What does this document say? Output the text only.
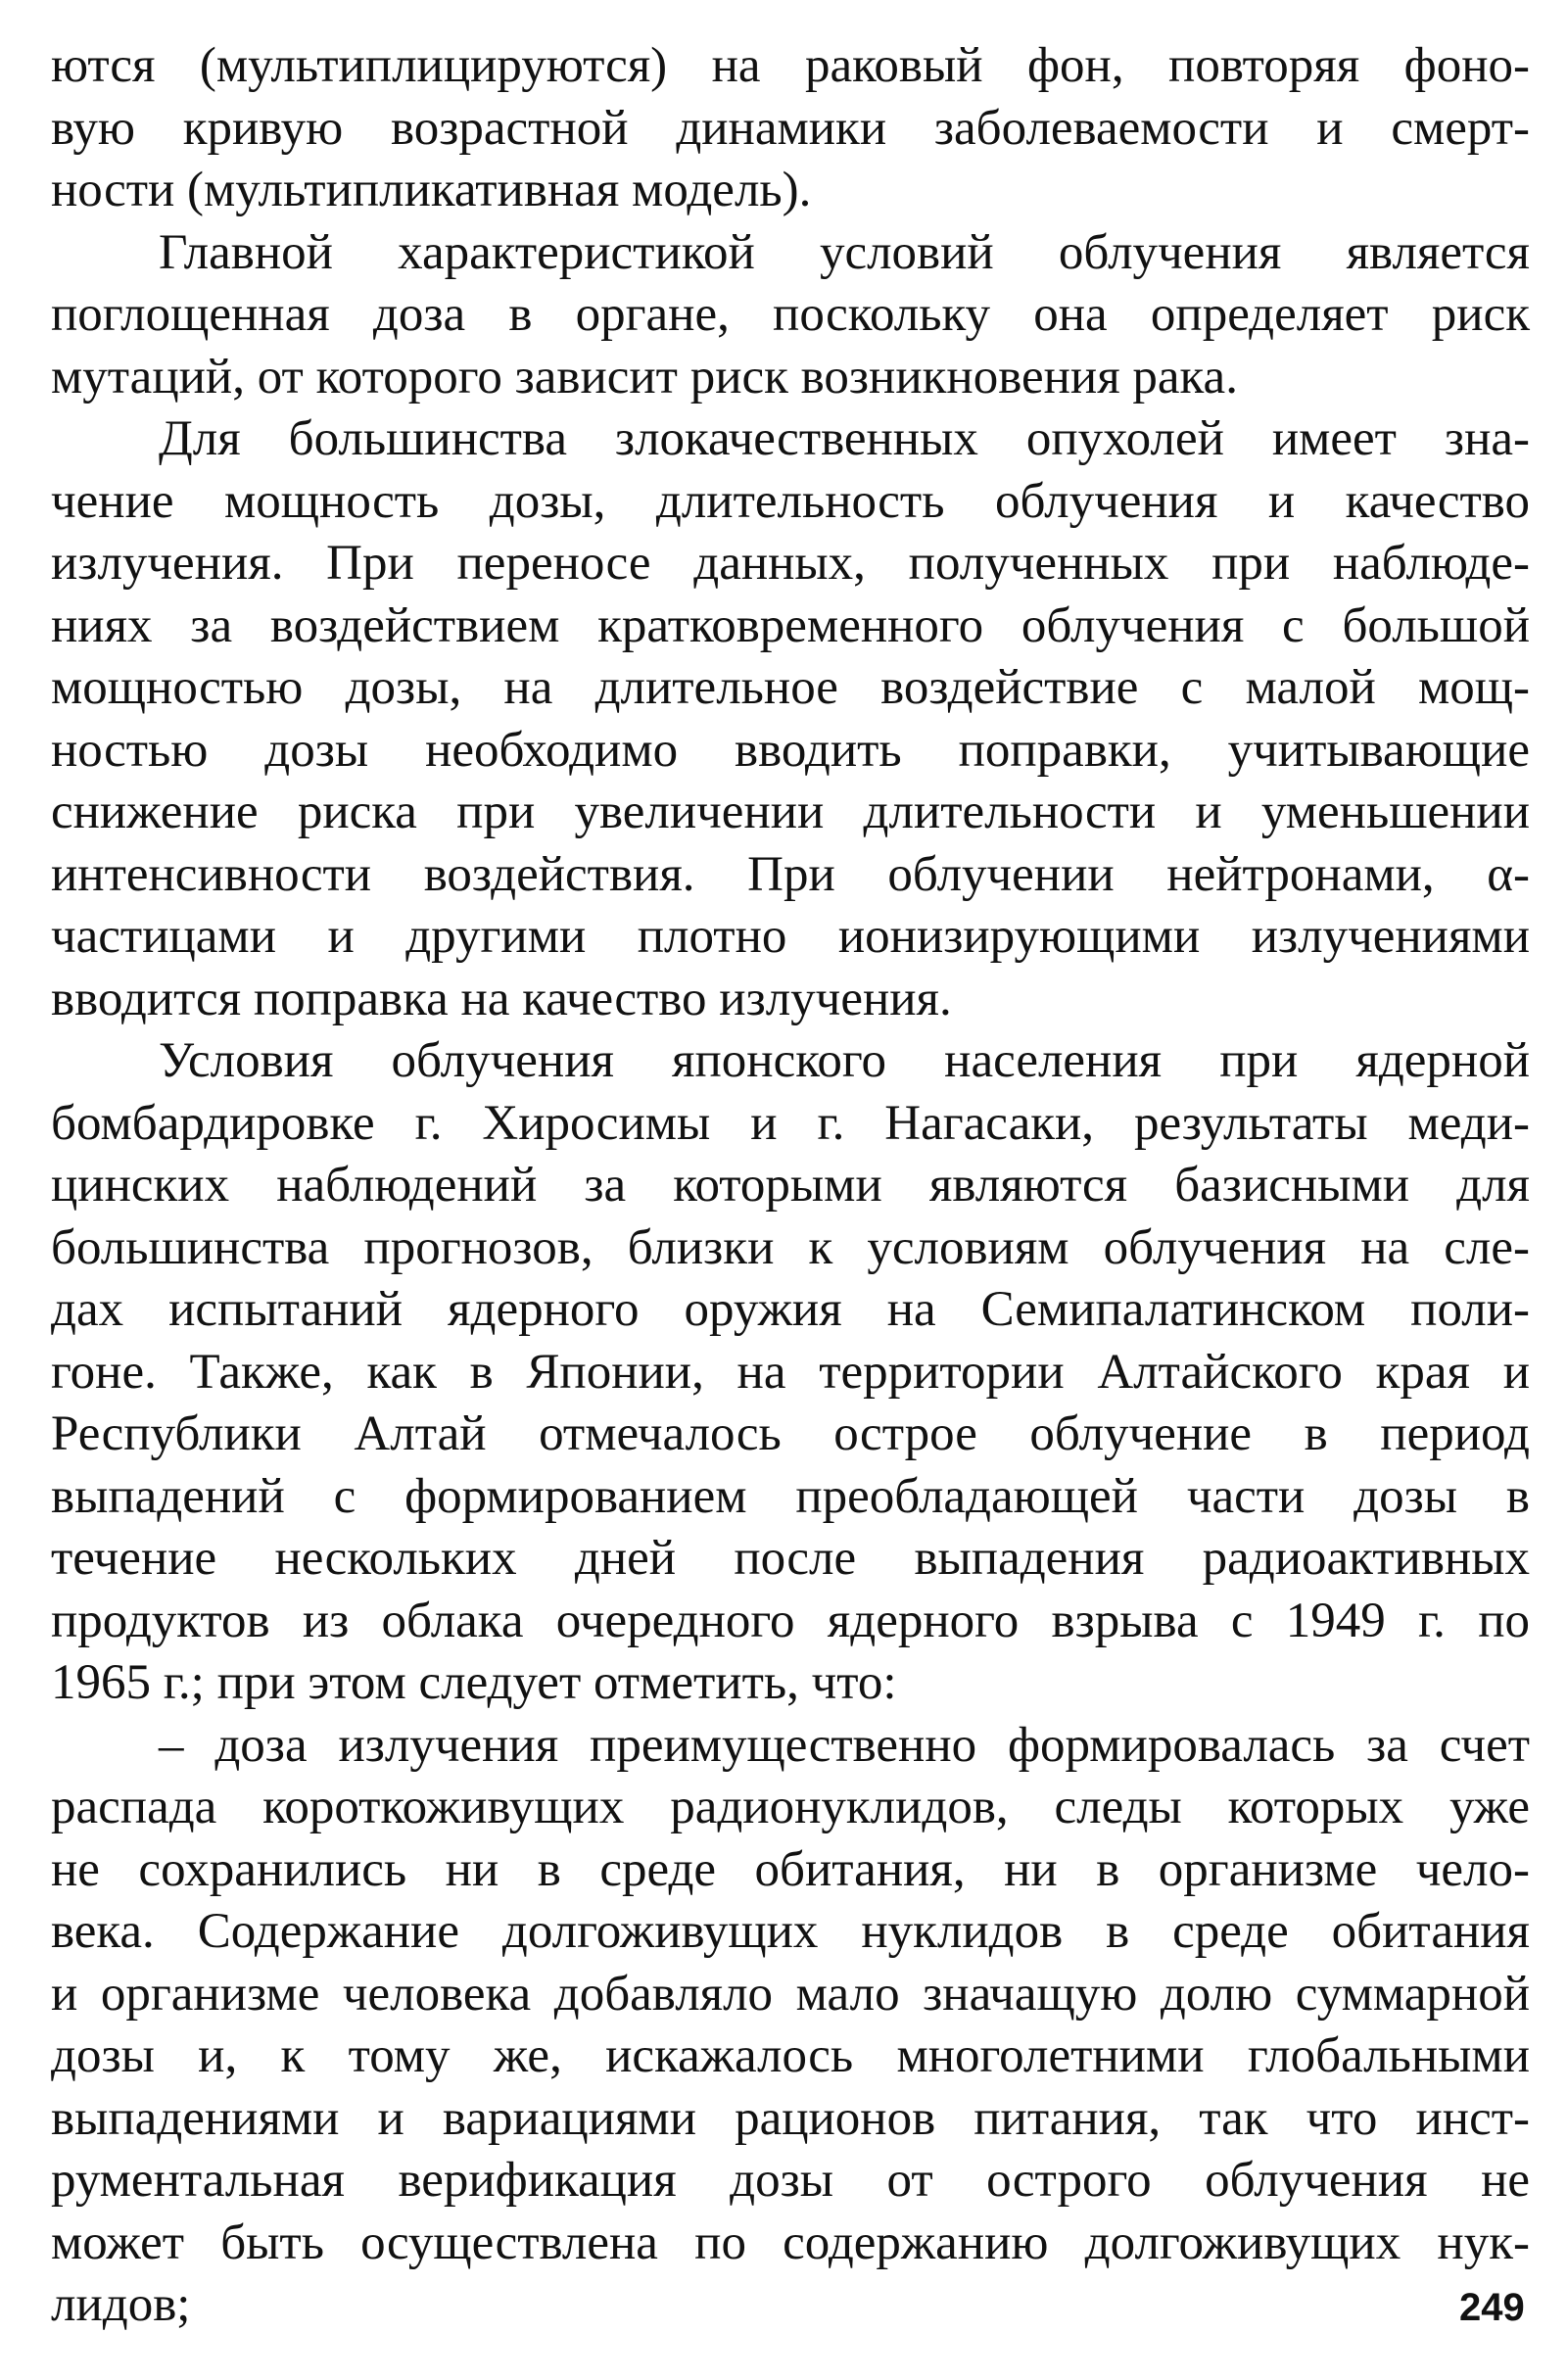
ются (мультиплицируются) на раковый фон, повторяя фоно-
вую кривую возрастной динамики заболеваемости и смерт-
ности (мультипликативная модель).
Главной характеристикой условий облучения является
поглощенная доза в органе, поскольку она определяет риск
мутаций, от которого зависит риск возникновения рака.
Для большинства злокачественных опухолей имеет зна-
чение мощность дозы, длительность облучения и качество
излучения. При переносе данных, полученных при наблюде-
ниях за воздействием кратковременного облучения с большой
мощностью дозы, на длительное воздействие с малой мощ-
ностью дозы необходимо вводить поправки, учитывающие
снижение риска при увеличении длительности и уменьшении
интенсивности воздействия. При облучении нейтронами, α-
частицами и другими плотно ионизирующими излучениями
вводится поправка на качество излучения.
Условия облучения японского населения при ядерной
бомбардировке г. Хиросимы и г. Нагасаки, результаты меди-
цинских наблюдений за которыми являются базисными для
большинства прогнозов, близки к условиям облучения на сле-
дах испытаний ядерного оружия на Семипалатинском поли-
гоне. Также, как в Японии, на территории Алтайского края и
Республики Алтай отмечалось острое облучение в период
выпадений с формированием преобладающей части дозы в
течение нескольких дней после выпадения радиоактивных
продуктов из облака очередного ядерного взрыва с 1949 г. по
1965 г.; при этом следует отметить, что:
– доза излучения преимущественно формировалась за счет
распада короткоживущих радионуклидов, следы которых уже
не сохранились ни в среде обитания, ни в организме чело-
века. Содержание долгоживущих нуклидов в среде обитания
и организме человека добавляло мало значащую долю суммарной
дозы и, к тому же, искажалось многолетними глобальными
выпадениями и вариациями рационов питания, так что инст-
рументальная верификация дозы от острого облучения не
может быть осуществлена по содержанию долгоживущих нук-
лидов;	249
